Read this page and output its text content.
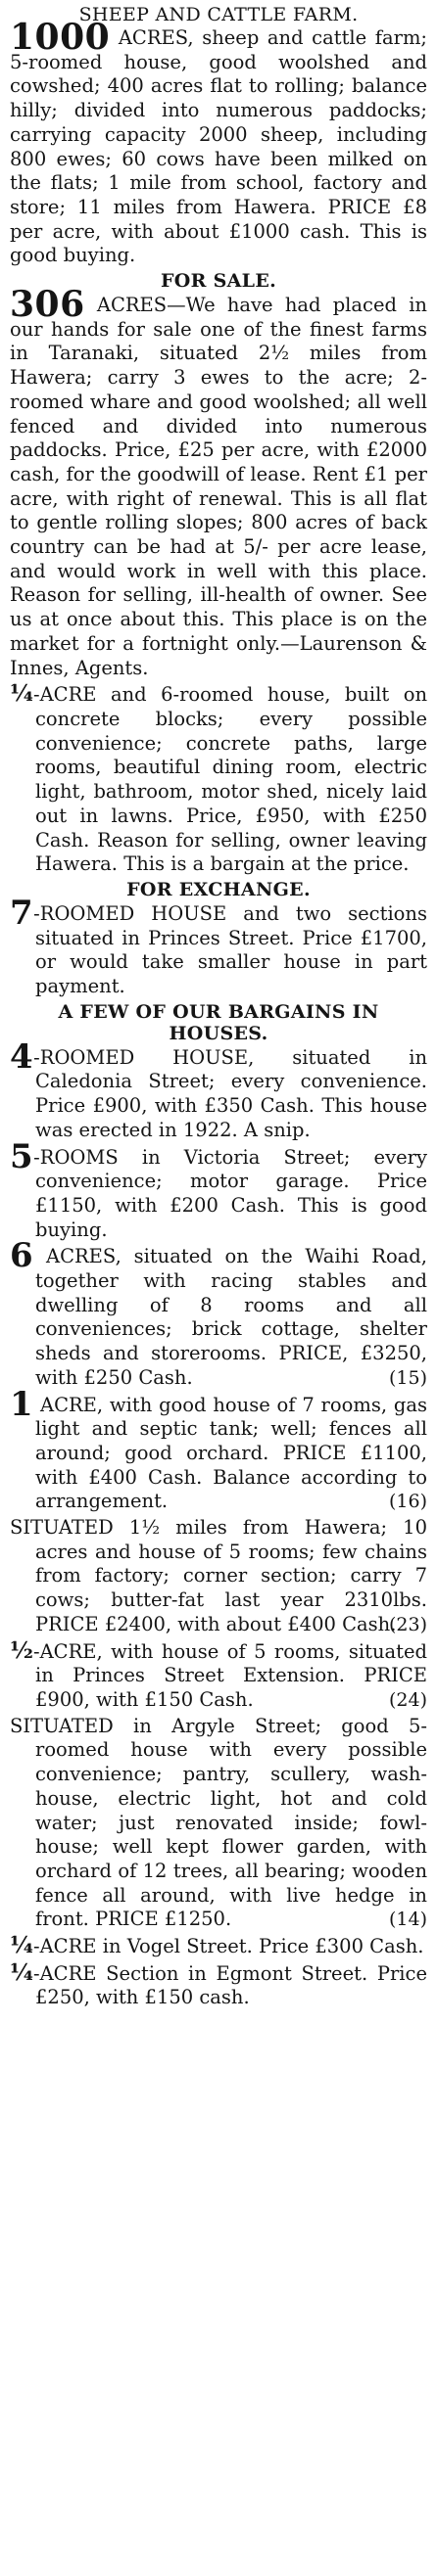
SHEEP AND CATTLE FARM.

1000 ACRES, sheep and cattle farm; 5-roomed house, good woolshed and cowshed; 400 acres flat to rolling; balance hilly; divided into numerous paddocks; carrying capacity 2000 sheep, including 800 ewes; 60 cows have been milked on the flats; 1 mile from school, factory and store; 11 miles from Hawera. PRICE £8 per acre, with about £1000 cash. This is good buying.

FOR SALE.

306 ACRES—We have had placed in our hands for sale one of the finest farms in Taranaki, situated 2½ miles from Hawera; carry 3 ewes to the acre; 2-roomed whare and good woolshed; all well fenced and divided into numerous paddocks. Price, £25 per acre, with £2000 cash, for the goodwill of lease. Rent £1 per acre, with right of renewal. This is all flat to gentle rolling slopes; 800 acres of back country can be had at 5/- per acre lease, and would work in well with this place. Reason for selling, ill-health of owner. See us at once about this. This place is on the market for a fortnight only.—Laurenson & Innes, Agents.

¼-ACRE and 6-roomed house, built on concrete blocks; every possible convenience; concrete paths, large rooms, beautiful dining room, electric light, bathroom, motor shed, nicely laid out in lawns. Price, £950, with £250 Cash. Reason for selling, owner leaving Hawera. This is a bargain at the price.

FOR EXCHANGE.

7-ROOMED HOUSE and two sections situated in Princes Street. Price £1700, or would take smaller house in part payment.

A FEW OF OUR BARGAINS IN HOUSES.

4-ROOMED HOUSE, situated in Caledonia Street; every convenience. Price £900, with £350 Cash. This house was erected in 1922. A snip.

5-ROOMS in Victoria Street; every convenience; motor garage. Price £1150, with £200 Cash. This is good buying.

6 ACRES, situated on the Waihi Road, together with racing stables and dwelling of 8 rooms and all conveniences; brick cottage, shelter sheds and storerooms. PRICE, £3250, with £250 Cash.	(15)

1 ACRE, with good house of 7 rooms, gas light and septic tank; well; fences all around; good orchard. PRICE £1100, with £400 Cash. Balance according to arrangement.	(16)

SITUATED 1½ miles from Hawera; 10 acres and house of 5 rooms; few chains from factory; corner section; carry 7 cows; butter-fat last year 2310lbs. PRICE £2400, with about £400 Cash.
(23)

½-ACRE, with house of 5 rooms, situated in Princes Street Extension. PRICE £900, with £150 Cash.	(24)

SITUATED in Argyle Street; good 5-roomed house with every possible convenience; pantry, scullery, wash-house, electric light, hot and cold water; just renovated inside; fowl-house; well kept flower garden, with orchard of 12 trees, all bearing; wooden fence all around, with live hedge in front. PRICE £1250.	(14)

¼-ACRE in Vogel Street. Price £300 Cash.

¼-ACRE Section in Egmont Street. Price £250, with £150 cash.
